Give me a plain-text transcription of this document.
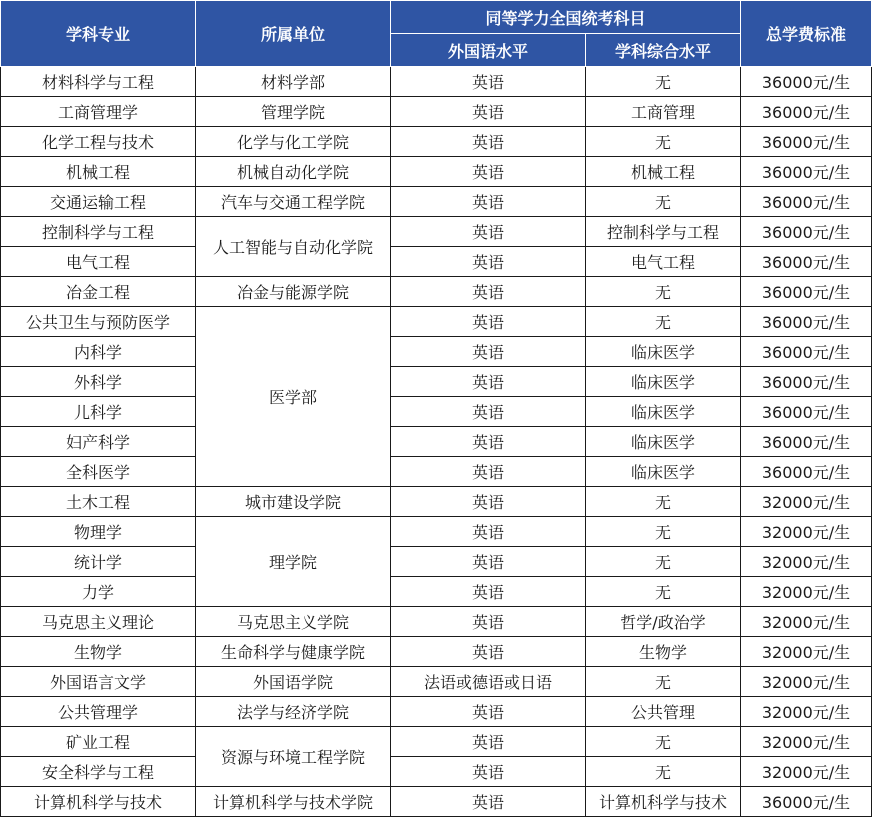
学科专业	所属单位	同等学力全国统考科目		总学费标准
		外国语水平	学科综合水平	
材料科学与工程	材料学部	英语	无	36000元/生
工商管理学	管理学院	英语	工商管理	36000元/生
化学工程与技术	化学与化工学院	英语	无	36000元/生
机械工程	机械自动化学院	英语	机械工程	36000元/生
交通运输工程	汽车与交通工程学院	英语	无	36000元/生
控制科学与工程	人工智能与自动化学院	英语	控制科学与工程	36000元/生
电气工程		英语	电气工程	36000元/生
冶金工程	冶金与能源学院	英语	无	36000元/生
公共卫生与预防医学	医学部	英语	无	36000元/生
内科学		英语	临床医学	36000元/生
外科学		英语	临床医学	36000元/生
儿科学		英语	临床医学	36000元/生
妇产科学		英语	临床医学	36000元/生
全科医学		英语	临床医学	36000元/生
土木工程	城市建设学院	英语	无	32000元/生
物理学	理学院	英语	无	32000元/生
统计学		英语	无	32000元/生
力学		英语	无	32000元/生
马克思主义理论	马克思主义学院	英语	哲学/政治学	32000元/生
生物学	生命科学与健康学院	英语	生物学	32000元/生
外国语言文学	外国语学院	法语或德语或日语	无	32000元/生
公共管理学	法学与经济学院	英语	公共管理	32000元/生
矿业工程	资源与环境工程学院	英语	无	32000元/生
安全科学与工程		英语	无	32000元/生
计算机科学与技术	计算机科学与技术学院	英语	计算机科学与技术	36000元/生
